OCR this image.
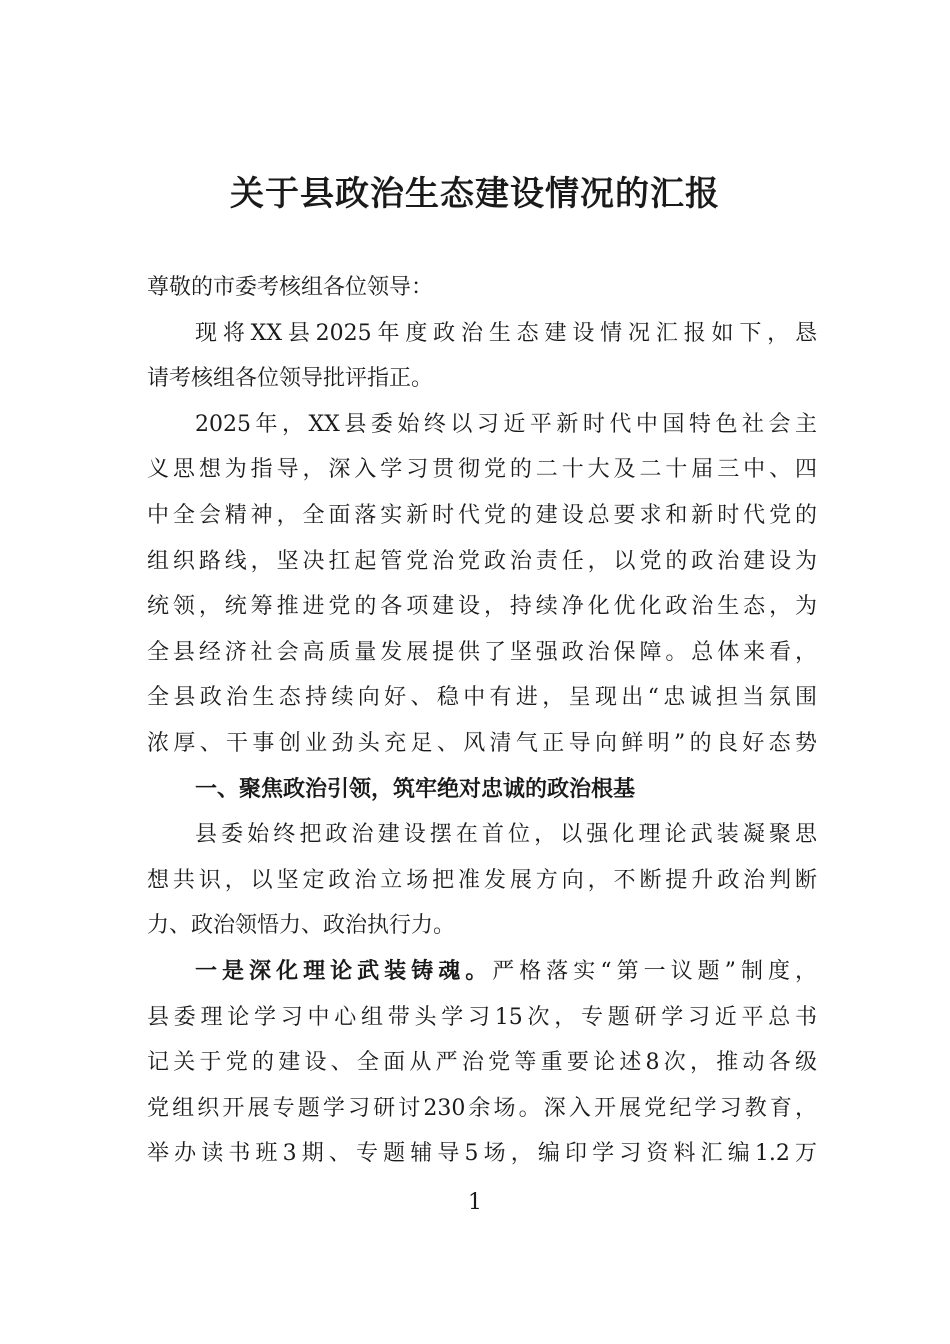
关于县政治生态建设情况的汇报
尊敬的市委考核组各位领导：
现将XX县2025年度政治生态建设情况汇报如下，恳
请考核组各位领导批评指正。
2025年，XX县委始终以习近平新时代中国特色社会主
义思想为指导，深入学习贯彻党的二十大及二十届三中、四
中全会精神，全面落实新时代党的建设总要求和新时代党的
组织路线，坚决扛起管党治党政治责任，以党的政治建设为
统领，统筹推进党的各项建设，持续净化优化政治生态，为
全县经济社会高质量发展提供了坚强政治保障。总体来看，
全县政治生态持续向好、稳中有进，呈现出“忠诚担当氛围
浓厚、干事创业劲头充足、风清气正导向鲜明”的良好态势
一、聚焦政治引领，筑牢绝对忠诚的政治根基
县委始终把政治建设摆在首位，以强化理论武装凝聚思
想共识，以坚定政治立场把准发展方向，不断提升政治判断
力、政治领悟力、政治执行力。
一是深化理论武装铸魂。严格落实“第一议题”制度，
县委理论学习中心组带头学习15次，专题研学习近平总书
记关于党的建设、全面从严治党等重要论述8次，推动各级
党组织开展专题学习研讨230余场。深入开展党纪学习教育，
举办读书班3期、专题辅导5场，编印学习资料汇编1.2万
1
